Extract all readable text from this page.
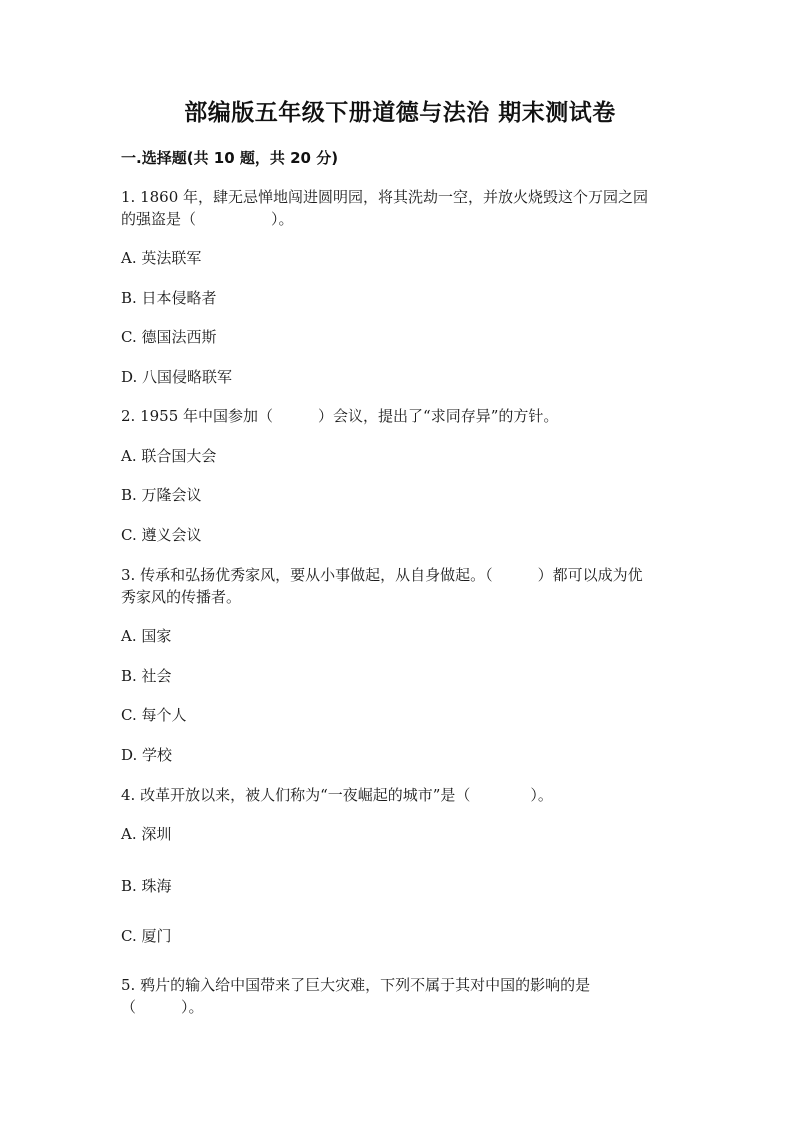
部编版五年级下册道德与法治 期末测试卷
一.选择题(共 10 题，共 20 分)
1. 1860 年，肆无忌惮地闯进圆明园，将其洗劫一空，并放火烧毁这个万园之园
的强盗是（　　　　　）。
A. 英法联军
B. 日本侵略者
C. 德国法西斯
D. 八国侵略联军
2. 1955 年中国参加（　　　）会议，提出了“求同存异”的方针。
A. 联合国大会
B. 万隆会议
C. 遵义会议
3. 传承和弘扬优秀家风，要从小事做起，从自身做起。（　　　）都可以成为优
秀家风的传播者。
A. 国家
B. 社会
C. 每个人
D. 学校
4. 改革开放以来，被人们称为“一夜崛起的城市”是（　　　　）。
A. 深圳
B. 珠海
C. 厦门
5. 鸦片的输入给中国带来了巨大灾难，下列不属于其对中国的影响的是
（　　　）。
